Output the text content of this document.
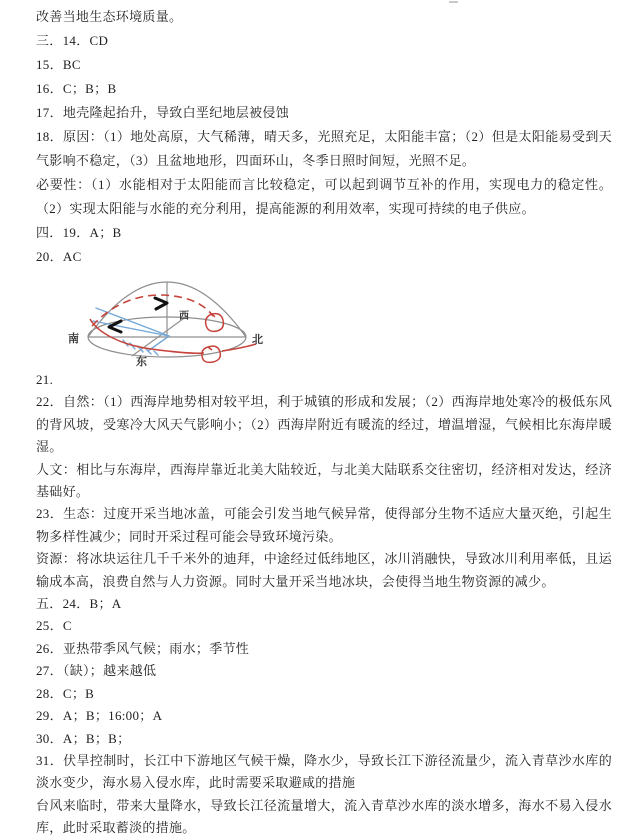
改善当地生态环境质量。

三．14．CD

15．BC

16．C；B；B

17．地壳隆起抬升，导致白垩纪地层被侵蚀

18．原因：（1）地处高原，大气稀薄，晴天多，光照充足，太阳能丰富；（2）但是太阳能易受到天气影响不稳定，（3）且盆地地形，四面环山，冬季日照时间短，光照不足。

必要性：（1）水能相对于太阳能而言比较稳定，可以起到调节互补的作用，实现电力的稳定性。（2）实现太阳能与水能的充分利用，提高能源的利用效率，实现可持续的电子供应。

四．19．A；B

20．AC

南	北
东
西

21.

22．自然：（1）西海岸地势相对较平坦，利于城镇的形成和发展；（2）西海岸地处寒冷的极低东风的背风坡，受寒冷大风天气影响小；（2）西海岸附近有暖流的经过，增温增湿，气候相比东海岸暖湿。

人文：相比与东海岸，西海岸靠近北美大陆较近，与北美大陆联系交往密切，经济相对发达，经济基础好。

23．生态：过度开采当地冰盖，可能会引发当地气候异常，使得部分生物不适应大量灭绝，引起生物多样性减少；同时开采过程可能会导致环境污染。

资源：将冰块运往几千千米外的迪拜，中途经过低纬地区，冰川消融快，导致冰川利用率低，且运输成本高，浪费自然与人力资源。同时大量开采当地冰块，会使得当地生物资源的减少。

五．24．B；A

25．C

26．亚热带季风气候；雨水；季节性

27．（缺）；越来越低

28．C；B

29．A；B；16:00；A

30．A；B；B；

31．伏旱控制时，长江中下游地区气候干燥，降水少，导致长江下游径流量少，流入青草沙水库的淡水变少，海水易入侵水库，此时需要采取避咸的措施

台风来临时，带来大量降水，导致长江径流量增大，流入青草沙水库的淡水增多，海水不易入侵水库，此时采取蓄淡的措施。
